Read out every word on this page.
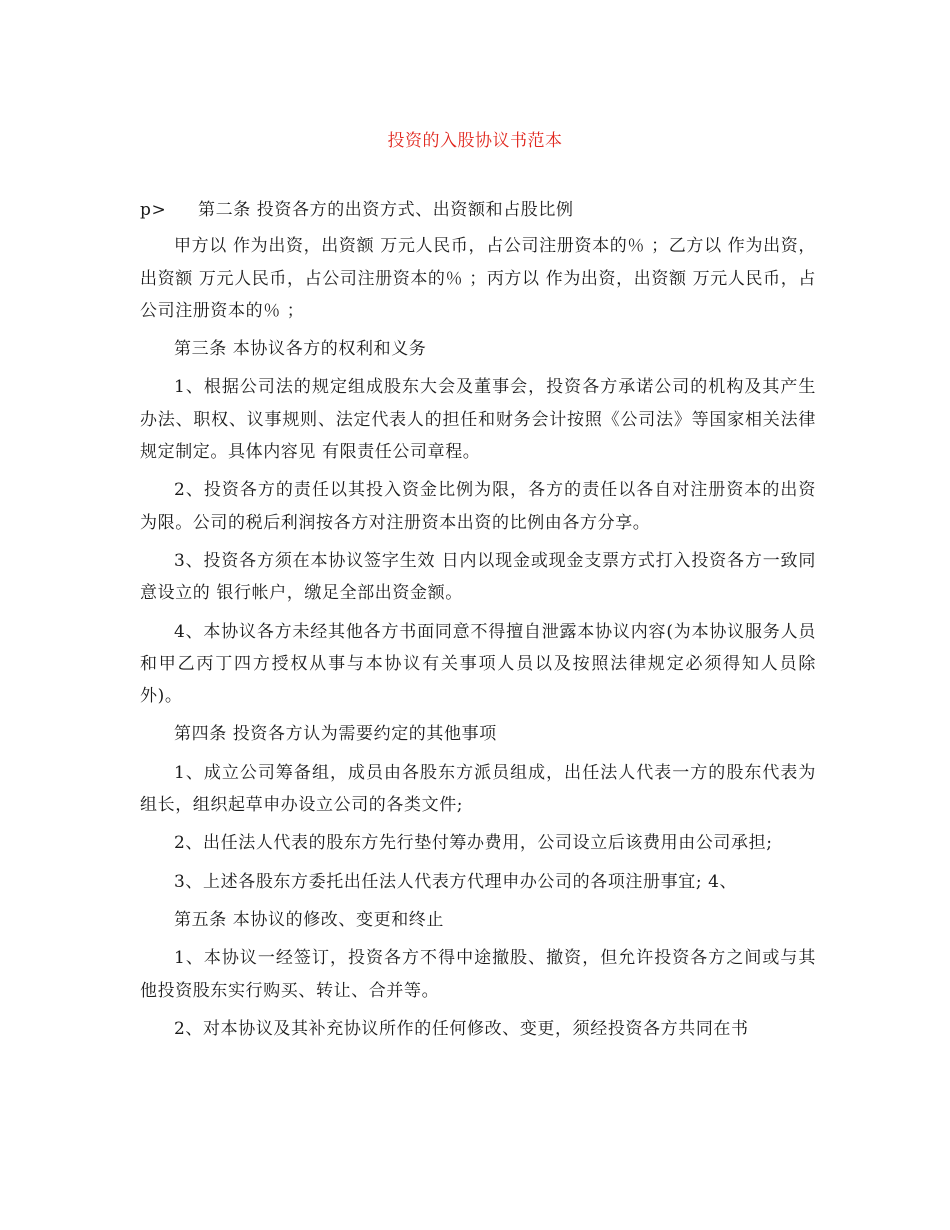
投资的入股协议书范本

p> 第二条 投资各方的出资方式、出资额和占股比例

甲方以 作为出资，出资额 万元人民币，占公司注册资本的％ ；乙方以 作为出资，出资额 万元人民币，占公司注册资本的％ ；丙方以 作为出资，出资额 万元人民币，占公司注册资本的％ ；

第三条 本协议各方的权利和义务

1、根据公司法的规定组成股东大会及董事会，投资各方承诺公司的机构及其产生办法、职权、议事规则、法定代表人的担任和财务会计按照《公司法》等国家相关法律规定制定。具体内容见 有限责任公司章程。

2、投资各方的责任以其投入资金比例为限，各方的责任以各自对注册资本的出资为限。公司的税后利润按各方对注册资本出资的比例由各方分享。

3、投资各方须在本协议签字生效 日内以现金或现金支票方式打入投资各方一致同意设立的 银行帐户，缴足全部出资金额。

4、本协议各方未经其他各方书面同意不得擅自泄露本协议内容(为本协议服务人员和甲乙丙丁四方授权从事与本协议有关事项人员以及按照法律规定必须得知人员除外)。

第四条 投资各方认为需要约定的其他事项

1、成立公司筹备组，成员由各股东方派员组成，出任法人代表一方的股东代表为组长，组织起草申办设立公司的各类文件;

2、出任法人代表的股东方先行垫付筹办费用，公司设立后该费用由公司承担;

3、上述各股东方委托出任法人代表方代理申办公司的各项注册事宜; 4、

第五条 本协议的修改、变更和终止

1、本协议一经签订，投资各方不得中途撤股、撤资，但允许投资各方之间或与其他投资股东实行购买、转让、合并等。

2、对本协议及其补充协议所作的任何修改、变更，须经投资各方共同在书
